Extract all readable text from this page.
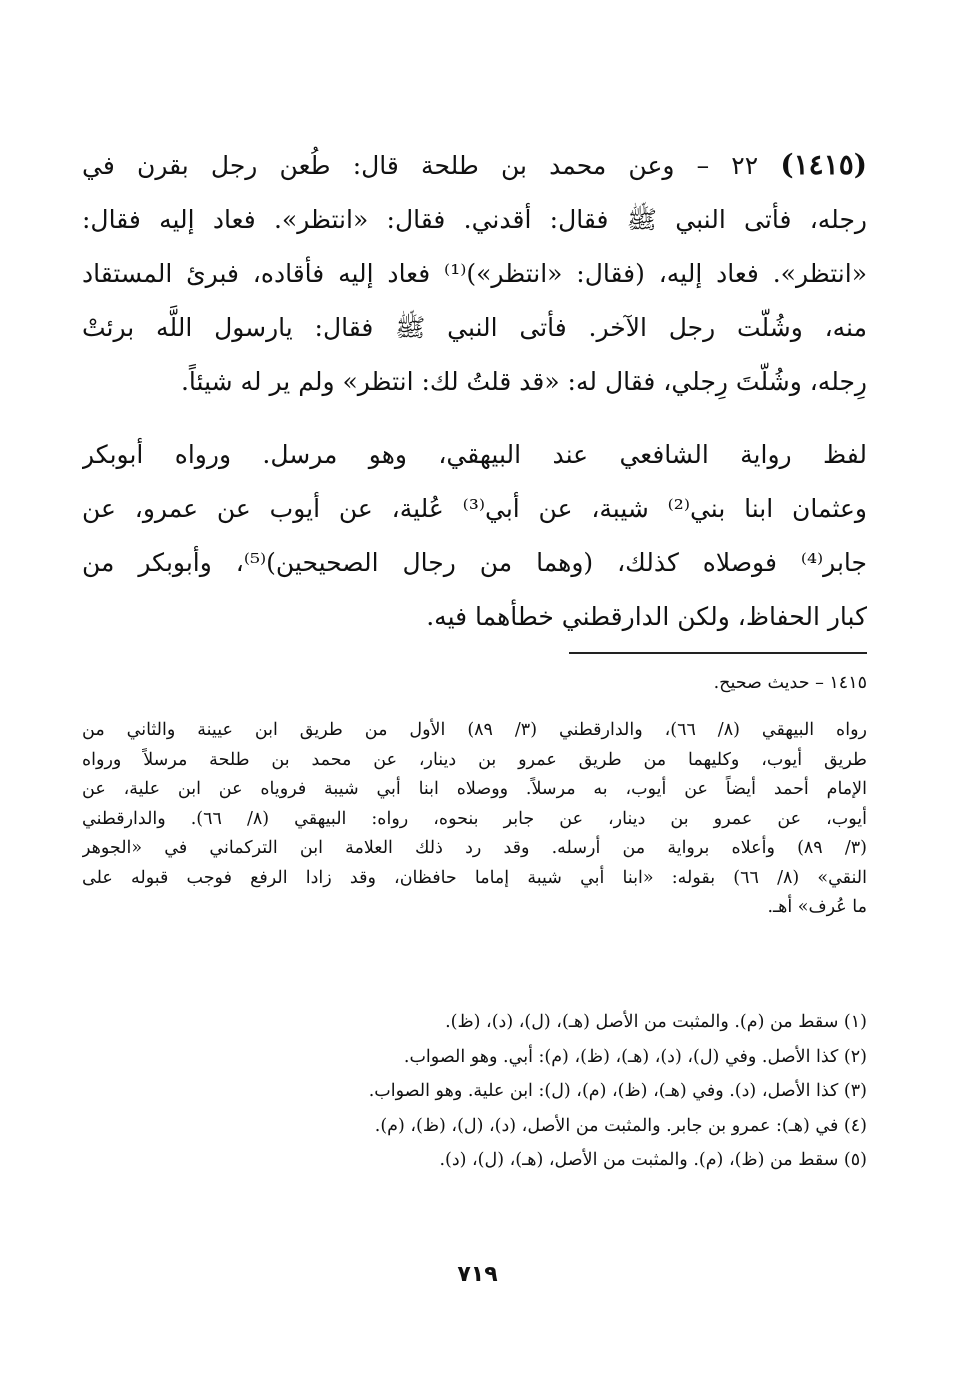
(١٤١٥) ٢٢ – وعن محمد بن طلحة قال: طُعن رجل بقرن في
رجله، فأتى النبي ﷺ فقال: أقدني. فقال: «انتظر». فعاد إليه فقال:
«انتظر». فعاد إليه، (فقال: «انتظر»)⁽¹⁾ فعاد إليه فأقاده، فبرئ المستقاد
منه، وشُلّت رجل الآخر. فأتى النبي ﷺ فقال: يارسول اللَّه برئتْ
رِجله، وشُلّتَ رِجلي، فقال له: «قد قلتُ لك: انتظر» ولم ير له شيئاً.
لفظ رواية الشافعي عند البيهقي، وهو مرسل. ورواه أبوبكر
وعثمان ابنا بني⁽²⁾ شيبة، عن أبي⁽³⁾ عُلية، عن أيوب عن عمرو، عن
جابر⁽⁴⁾ فوصلاه كذلك، (وهما من رجال الصحيحين)⁽⁵⁾، وأبوبكر من
كبار الحفاظ، ولكن الدارقطني خطأهما فيه.
١٤١٥ – حديث صحيح.
رواه البيهقي (٨/ ٦٦)، والدارقطني (٣/ ٨٩) الأول من طريق ابن عيينة والثاني من
طريق أيوب، وكليهما من طريق عمرو بن دينار، عن محمد بن طلحة مرسلاً ورواه
الإمام أحمد أيضاً عن أيوب، به مرسلاً. ووصلاه ابنا أبي شيبة فروياه عن ابن علية، عن
أيوب، عن عمرو بن دينار، عن جابر بنحوه، رواه: البيهقي (٨/ ٦٦). والدارقطني
(٣/ ٨٩) وأعلاه برواية من أرسله. وقد رد ذلك العلامة ابن التركماني في «الجوهر
النقي» (٨/ ٦٦) بقوله: «ابنا أبي شيبة إماما حافظان، وقد زادا الرفع فوجب قبوله على
ما عُرف» أهـ.
(١) سقط من (م). والمثبت من الأصل (هـ)، (ل)، (د)، (ظ).
(٢) كذا الأصل. وفي (ل)، (د)، (هـ)، (ظ)، (م): أبي. وهو الصواب.
(٣) كذا الأصل، (د). وفي (هـ)، (ظ)، (م)، (ل): ابن علية. وهو الصواب.
(٤) في (هـ): عمرو بن جابر. والمثبت من الأصل، (د)، (ل)، (ظ)، (م).
(٥) سقط من (ظ)، (م). والمثبت من الأصل، (هـ)، (ل)، (د).
٧١٩
